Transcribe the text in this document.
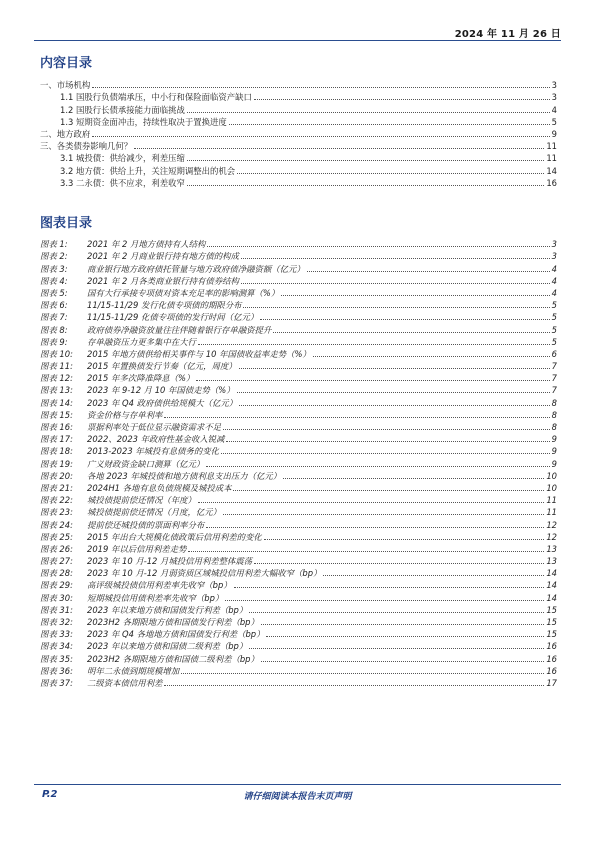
2024 年 11 月 26 日
内容目录
一、市场机构	3
1.1 国股行负债端承压，中小行和保险面临资产缺口	3
1.2 国股行长债承接能力面临挑战	4
1.3 短期资金面冲击，持续性取决于置换进度	5
二、地方政府	9
三、各类债券影响几何？	11
3.1 城投债：供给减少，利差压缩	11
3.2 地方债：供给上升，关注短期调整出的机会	14
3.3 二永债：供不应求，利差收窄	16
图表目录
图表 1: 2021 年 2 月地方债持有人结构	3
图表 2: 2021 年 2 月商业银行持有地方债的构成	3
图表 3: 商业银行地方政府债托管量与地方政府债净融资额（亿元）	4
图表 4: 2021 年 2 月各类商业银行持有债券结构	4
图表 5: 国有大行承接专项债对资本充足率的影响测算（%）	4
图表 6: 11/15-11/29 发行化债专项债的期限分布	5
图表 7: 11/15-11/29 化债专项债的发行时间（亿元）	5
图表 8: 政府债券净融资放量往往伴随着银行存单融资提升	5
图表 9: 存单融资压力更多集中在大行	5
图表 10: 2015 年地方债供给相关事件与 10 年国债收益率走势（%）	6
图表 11: 2015 年置换债发行节奏（亿元，周度）	7
图表 12: 2015 年多次降准降息（%）	7
图表 13: 2023 年 9-12 月 10 年国债走势（%）	7
图表 14: 2023 年 Q4 政府债供给规模大（亿元）	8
图表 15: 资金价格与存单利率	8
图表 16: 票据利率处于低位显示融资需求不足	8
图表 17: 2022、2023 年政府性基金收入锐减	9
图表 18: 2013-2023 年城投有息债务的变化	9
图表 19: 广义财政资金缺口测算（亿元）	9
图表 20: 各地 2023 年城投债和地方债利息支出压力（亿元）	10
图表 21: 2024H1 各地有息负债规模及城投成本	10
图表 22: 城投债提前偿还情况（年度）	11
图表 23: 城投债提前偿还情况（月度，亿元）	11
图表 24: 提前偿还城投债的票面利率分布	12
图表 25: 2015 年出台大规模化债政策后信用利差的变化	12
图表 26: 2019 年以后信用利差走势	13
图表 27: 2023 年 10 月-12 月城投信用利差整体震荡	13
图表 28: 2023 年 10 月-12 月弱资质区域城投信用利差大幅收窄（bp）	14
图表 29: 高评级城投债信用利差率先收窄（bp）	14
图表 30: 短期城投信用债利差率先收窄（bp）	14
图表 31: 2023 年以来地方债和国债发行利差（bp）	15
图表 32: 2023H2 各期限地方债和国债发行利差（bp）	15
图表 33: 2023 年 Q4 各地地方债和国债发行利差（bp）	15
图表 34: 2023 年以来地方债和国债二级利差（bp）	16
图表 35: 2023H2 各期限地方债和国债二级利差（bp）	16
图表 36: 明年二永债到期规模增加	16
图表 37: 二级资本债信用利差	17
P.2	请仔细阅读本报告末页声明
